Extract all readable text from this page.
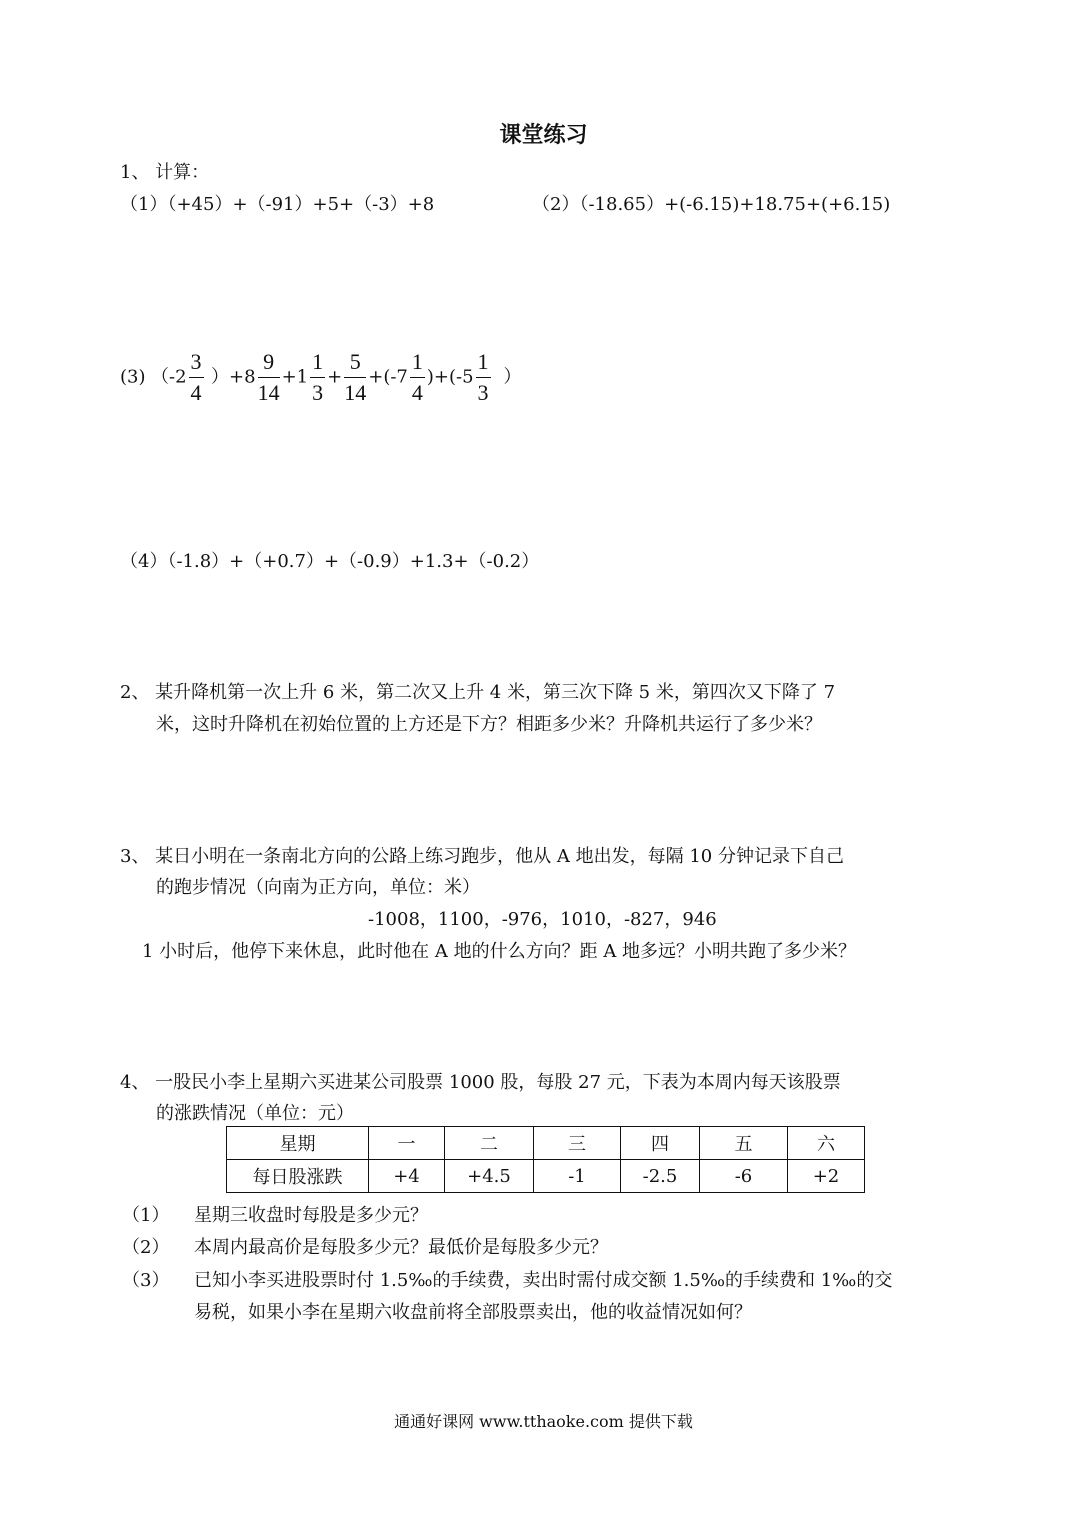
课堂练习
1、 计算：
（1）（+45）+（-91）+5+（-3）+8	（2）（-18.65）+(-6.15)+18.75+(+6.15)
(3) $(-2 \frac{3}{4} )+8 \frac{9}{14} +1 \frac{1}{3} + \frac{5}{14} +(-7 \frac{1}{4} )+(-5 \frac{1}{3}$ ）
（4）（-1.8）+（+0.7）+（-0.9）+1.3+（-0.2）
2、 某升降机第一次上升 6 米，第二次又上升 4 米，第三次下降 5 米，第四次又下降了 7
米，这时升降机在初始位置的上方还是下方？相距多少米？升降机共运行了多少米？
3、 某日小明在一条南北方向的公路上练习跑步，他从 A 地出发，每隔 10 分钟记录下自己
的跑步情况（向南为正方向，单位：米）
-1008，1100，-976，1010，-827，946
1 小时后，他停下来休息，此时他在 A 地的什么方向？距 A 地多远？小明共跑了多少米？
4、 一股民小李上星期六买进某公司股票 1000 股，每股 27 元，下表为本周内每天该股票
的涨跌情况（单位：元）
星期	一	二	三	四	五	六
每日股涨跌	+4	+4.5	-1	-2.5	-6	+2
（1） 星期三收盘时每股是多少元？
（2） 本周内最高价是每股多少元？最低价是每股多少元？
（3） 已知小李买进股票时付 1.5‰的手续费，卖出时需付成交额 1.5‰的手续费和 1‰的交
易税，如果小李在星期六收盘前将全部股票卖出，他的收益情况如何？
通通好课网 www.tthaoke.com 提供下载
